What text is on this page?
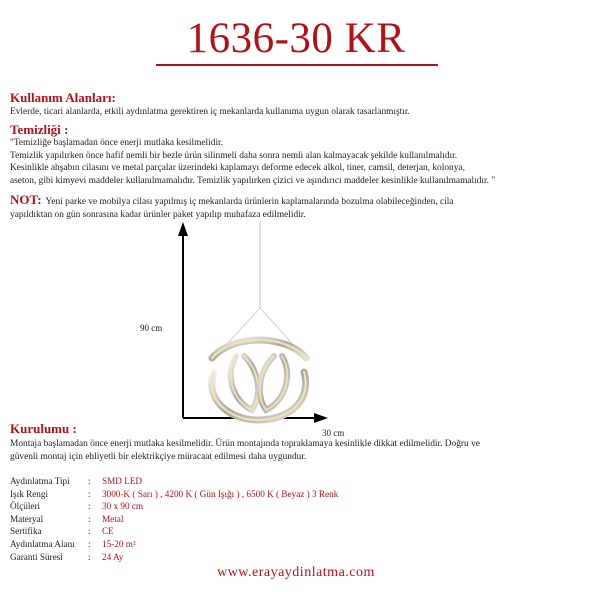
1636-30 KR
Kullanım Alanları:
Evlerde, ticari alanlarda, etkili aydınlatma gerektiren iç mekanlarda kullanıma uygun olarak tasarlanmıştır.
Temizliği :
"Temizliğe başlamadan önce enerji mutlaka kesilmelidir.
Temizlik yapılırken önce hafif nemli bir bezle ürün silinmeli daha sonra nemli alan kalmayacak şekilde kullanılmalıdır.
Kesinlikle ahşabın cilasını ve metal parçalar üzerindeki kaplamayı deforme edecek alkol, tiner, camsil, deterjan, kolonya,
aseton, gibi kimyevi maddeler kullanılmamalıdır. Temizlik yapılırken çizici ve aşındırıcı maddeler kesinlikle kullanılmamalıdır. "
NOT: Yeni parke ve mobilya cilası yapılmış iç mekanlarda ürünlerin kaplamalarında bozulma olabileceğinden, cila
yapıldıktan on gün sonrasına kadar ürünler paket yapılıp muhafaza edilmelidir.
90 cm
30 cm
Kurulumu :
Montaja başlamadan önce enerji mutlaka kesilmelidir. Ürün montajında topraklamaya kesinlikle dikkat edilmelidir. Doğru ve
güvenli montaj için ehliyetli bir elektrikçiye müracaat edilmesi daha uygundur.
Aydınlatma Tipi	:	SMD LED
Işık Rengi	:	3000-K ( Sarı ) , 4200 K ( Gün Işığı ) , 6500 K ( Beyaz ) 3 Renk
Ölçüleri	:	30 x 90 cm
Materyal	:	Metal
Sertifika	:	CE
Aydınlatma Alanı	:	15-20 m²
Garanti Süresi	:	24 Ay
www.erayaydinlatma.com
